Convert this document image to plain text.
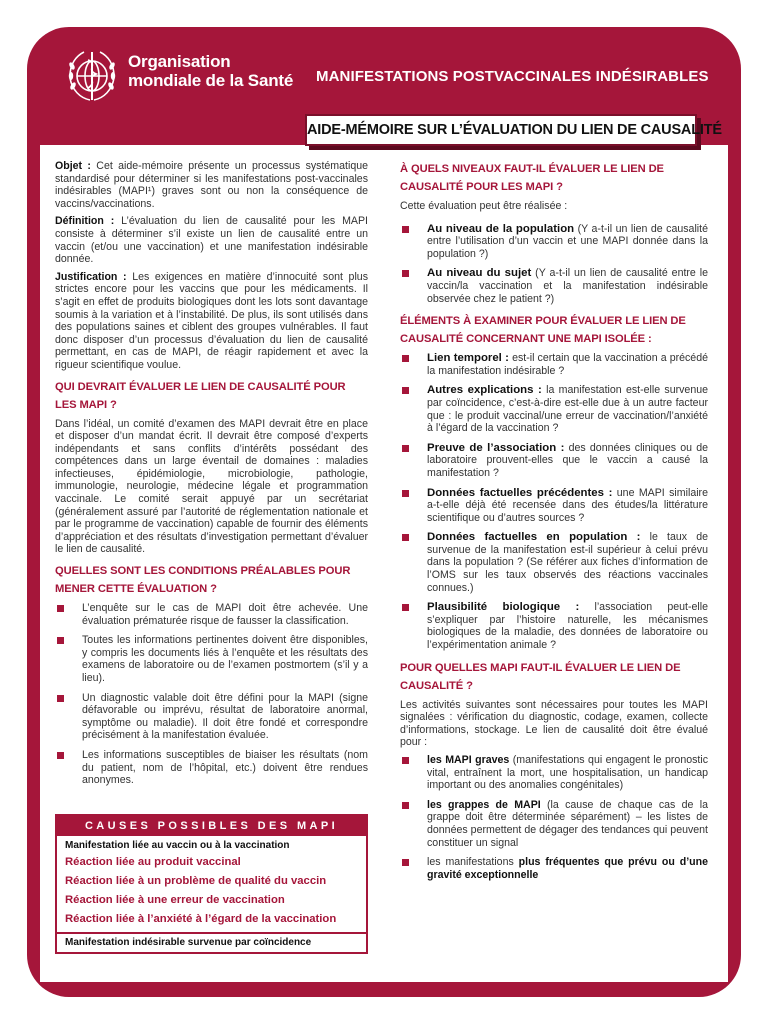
Organisation
mondiale de la Santé MANIFESTATIONS POSTVACCINALES INDÉSIRABLES
AIDE-MÉMOIRE SUR L’ÉVALUATION DU LIEN DE CAUSALITÉ

Objet : Cet aide-mémoire présente un processus systématique standardisé pour déterminer si les manifestations post-vaccinales indésirables (MAPI¹) graves sont ou non la conséquence de vaccins/vaccinations.

Définition : L’évaluation du lien de causalité pour les MAPI consiste à déterminer s’il existe un lien de causalité entre un vaccin (et/ou une vaccination) et une manifestation indésirable donnée.

Justification : Les exigences en matière d’innocuité sont plus strictes encore pour les vaccins que pour les médicaments. Il s’agit en effet de produits biologiques dont les lots sont davantage soumis à la variation et à l’instabilité. De plus, ils sont utilisés dans des populations saines et ciblent des groupes vulnérables. Il faut donc disposer d’un processus d’évaluation du lien de causalité permettant, en cas de MAPI, de réagir rapidement et avec la rigueur scientifique voulue.

QUI DEVRAIT ÉVALUER LE LIEN DE CAUSALITÉ POUR LES MAPI ?

Dans l’idéal, un comité d’examen des MAPI devrait être en place et disposer d’un mandat écrit. Il devrait être composé d’experts indépendants et sans conflits d’intérêts possédant des compétences dans un large éventail de domaines : maladies infectieuses, épidémiologie, microbiologie, pathologie, immunologie, neurologie, médecine légale et programmation vaccinale. Le comité serait appuyé par un secrétariat (généralement assuré par l’autorité de réglementation nationale et par le programme de vaccination) capable de fournir des éléments d’appréciation et des résultats d’investigation permettant d’évaluer le lien de causalité.

QUELLES SONT LES CONDITIONS PRÉALABLES POUR MENER CETTE ÉVALUATION ?
L’enquête sur le cas de MAPI doit être achevée. Une évaluation prématurée risque de fausser la classification.
Toutes les informations pertinentes doivent être disponibles, y compris les documents liés à l’enquête et les résultats des examens de laboratoire ou de l’examen postmortem (s’il y a lieu).
Un diagnostic valable doit être défini pour la MAPI (signe défavorable ou imprévu, résultat de laboratoire anormal, symptôme ou maladie). Il doit être fondé et correspondre précisément à la manifestation évaluée.
Les informations susceptibles de biaiser les résultats (nom du patient, nom de l’hôpital, etc.) doivent être rendues anonymes.
CAUSES POSSIBLES DES MAPI
Manifestation liée au vaccin ou à la vaccination
Réaction liée au produit vaccinal
Réaction liée à un problème de qualité du vaccin
Réaction liée à une erreur de vaccination
Réaction liée à l’anxiété à l’égard de la vaccination
Manifestation indésirable survenue par coïncidence
À QUELS NIVEAUX FAUT-IL ÉVALUER LE LIEN DE CAUSALITÉ POUR LES MAPI ?

Cette évaluation peut être réalisée :

Au niveau de la population (Y a-t-il un lien de causalité entre l’utilisation d’un vaccin et une MAPI donnée dans la population ?)
Au niveau du sujet (Y a-t-il un lien de causalité entre le vaccin/la vaccination et la manifestation indésirable observée chez le patient ?)
ÉLÉMENTS À EXAMINER POUR ÉVALUER LE LIEN DE CAUSALITÉ CONCERNANT UNE MAPI ISOLÉE :
Lien temporel : est-il certain que la vaccination a précédé la manifestation indésirable ?
Autres explications : la manifestation est-elle survenue par coïncidence, c’est-à-dire est-elle due à un autre facteur que : le produit vaccinal/une erreur de vaccination/l’anxiété à l’égard de la vaccination ?
Preuve de l’association : des données cliniques ou de laboratoire prouvent-elles que le vaccin a causé la manifestation ?
Données factuelles précédentes : une MAPI similaire a-t-elle déjà été recensée dans des études/la littérature scientifique ou d’autres sources ?
Données factuelles en population : le taux de survenue de la manifestation est-il supérieur à celui prévu dans la population ? (Se référer aux fiches d’information de l’OMS sur les taux observés des réactions vaccinales connues.)
Plausibilité biologique : l’association peut-elle s’expliquer par l’histoire naturelle, les mécanismes biologiques de la maladie, des données de laboratoire ou l’expérimentation animale ?
POUR QUELLES MAPI FAUT-IL ÉVALUER LE LIEN DE CAUSALITÉ ?

Les activités suivantes sont nécessaires pour toutes les MAPI signalées : vérification du diagnostic, codage, examen, collecte d’informations, stockage. Le lien de causalité doit être évalué pour :

les MAPI graves (manifestations qui engagent le pronostic vital, entraînent la mort, une hospitalisation, un handicap important ou des anomalies congénitales)
les grappes de MAPI (la cause de chaque cas de la grappe doit être déterminée séparément) – les listes de données permettent de dégager des tendances qui peuvent constituer un signal
les manifestations plus fréquentes que prévu ou d’une gravité exceptionnelle
